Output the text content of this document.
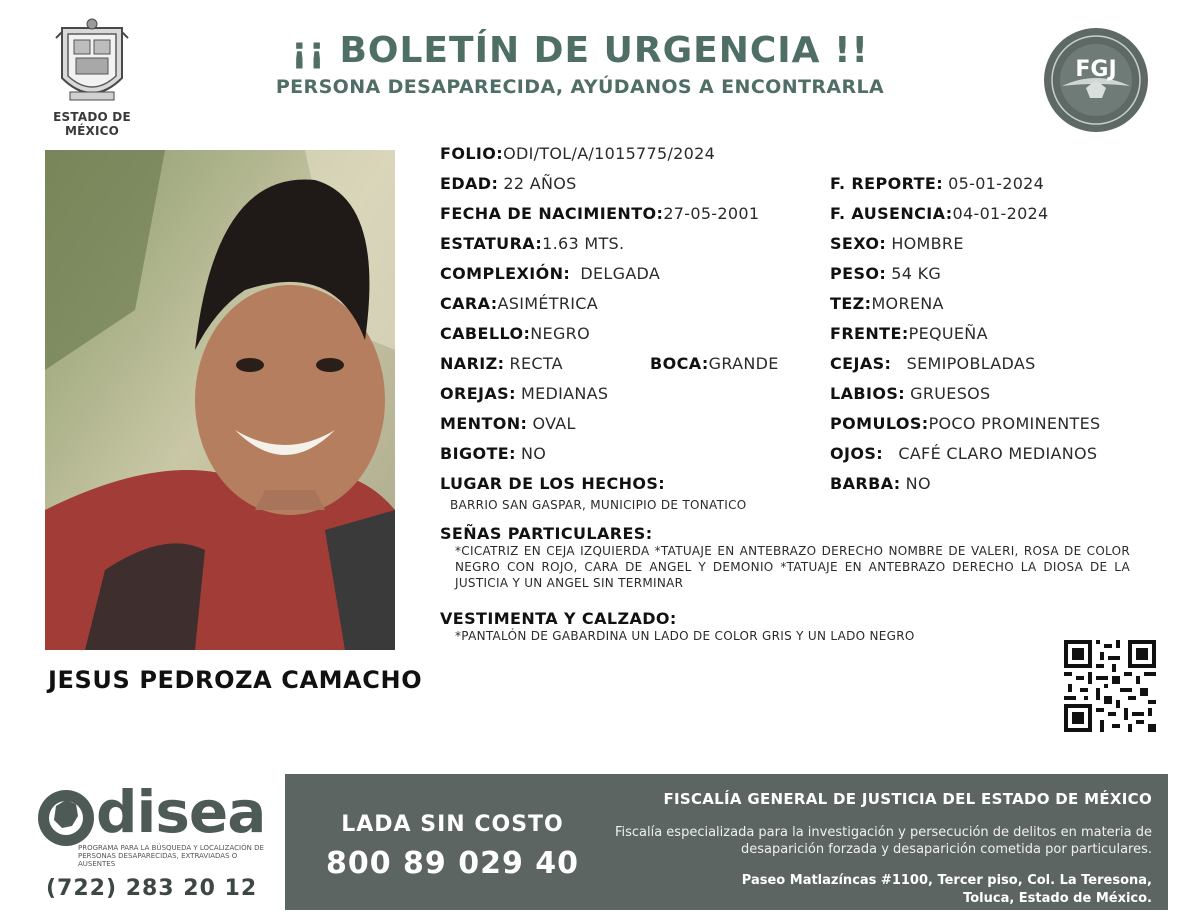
ESTADO DE MÉXICO
¡¡ BOLETÍN DE URGENCIA !!
PERSONA DESAPARECIDA, AYÚDANOS A ENCONTRARLA
FGJ
JESUS PEDROZA CAMACHO
FOLIO:ODI/TOL/A/1015775/2024
EDAD: 22 AÑOS
FECHA DE NACIMIENTO:27-05-2001
ESTATURA:1.63 MTS.
COMPLEXIÓN: DELGADA
CARA:ASIMÉTRICA
CABELLO:NEGRO
NARIZ: RECTA	BOCA:GRANDE
OREJAS: MEDIANAS
MENTON: OVAL
BIGOTE: NO
LUGAR DE LOS HECHOS:
BARRIO SAN GASPAR, MUNICIPIO DE TONATICO
F. REPORTE: 05-01-2024
F. AUSENCIA:04-01-2024
SEXO: HOMBRE
PESO: 54 KG
TEZ:MORENA
FRENTE:PEQUEÑA
CEJAS: SEMIPOBLADAS
LABIOS: GRUESOS
POMULOS:POCO PROMINENTES
OJOS: CAFÉ CLARO MEDIANOS
BARBA: NO
SEÑAS PARTICULARES:
*CICATRIZ EN CEJA IZQUIERDA *TATUAJE EN ANTEBRAZO DERECHO NOMBRE DE VALERI, ROSA DE COLOR NEGRO CON ROJO, CARA DE ANGEL Y DEMONIO *TATUAJE EN ANTEBRAZO DERECHO LA DIOSA DE LA JUSTICIA Y UN ANGEL SIN TERMINAR
VESTIMENTA Y CALZADO:
*PANTALÓN DE GABARDINA UN LADO DE COLOR GRIS Y UN LADO NEGRO
disea
PROGRAMA PARA LA BÚSQUEDA Y LOCALIZACIÓN DE PERSONAS DESAPARECIDAS, EXTRAVIADAS O AUSENTES
(722) 283 20 12
LADA SIN COSTO
800 89 029 40
FISCALÍA GENERAL DE JUSTICIA DEL ESTADO DE MÉXICO
Fiscalía especializada para la investigación y persecución de delitos en materia de desaparición forzada y desaparición cometida por particulares.
Paseo Matlazíncas #1100, Tercer piso, Col. La Teresona,
Toluca, Estado de México.
